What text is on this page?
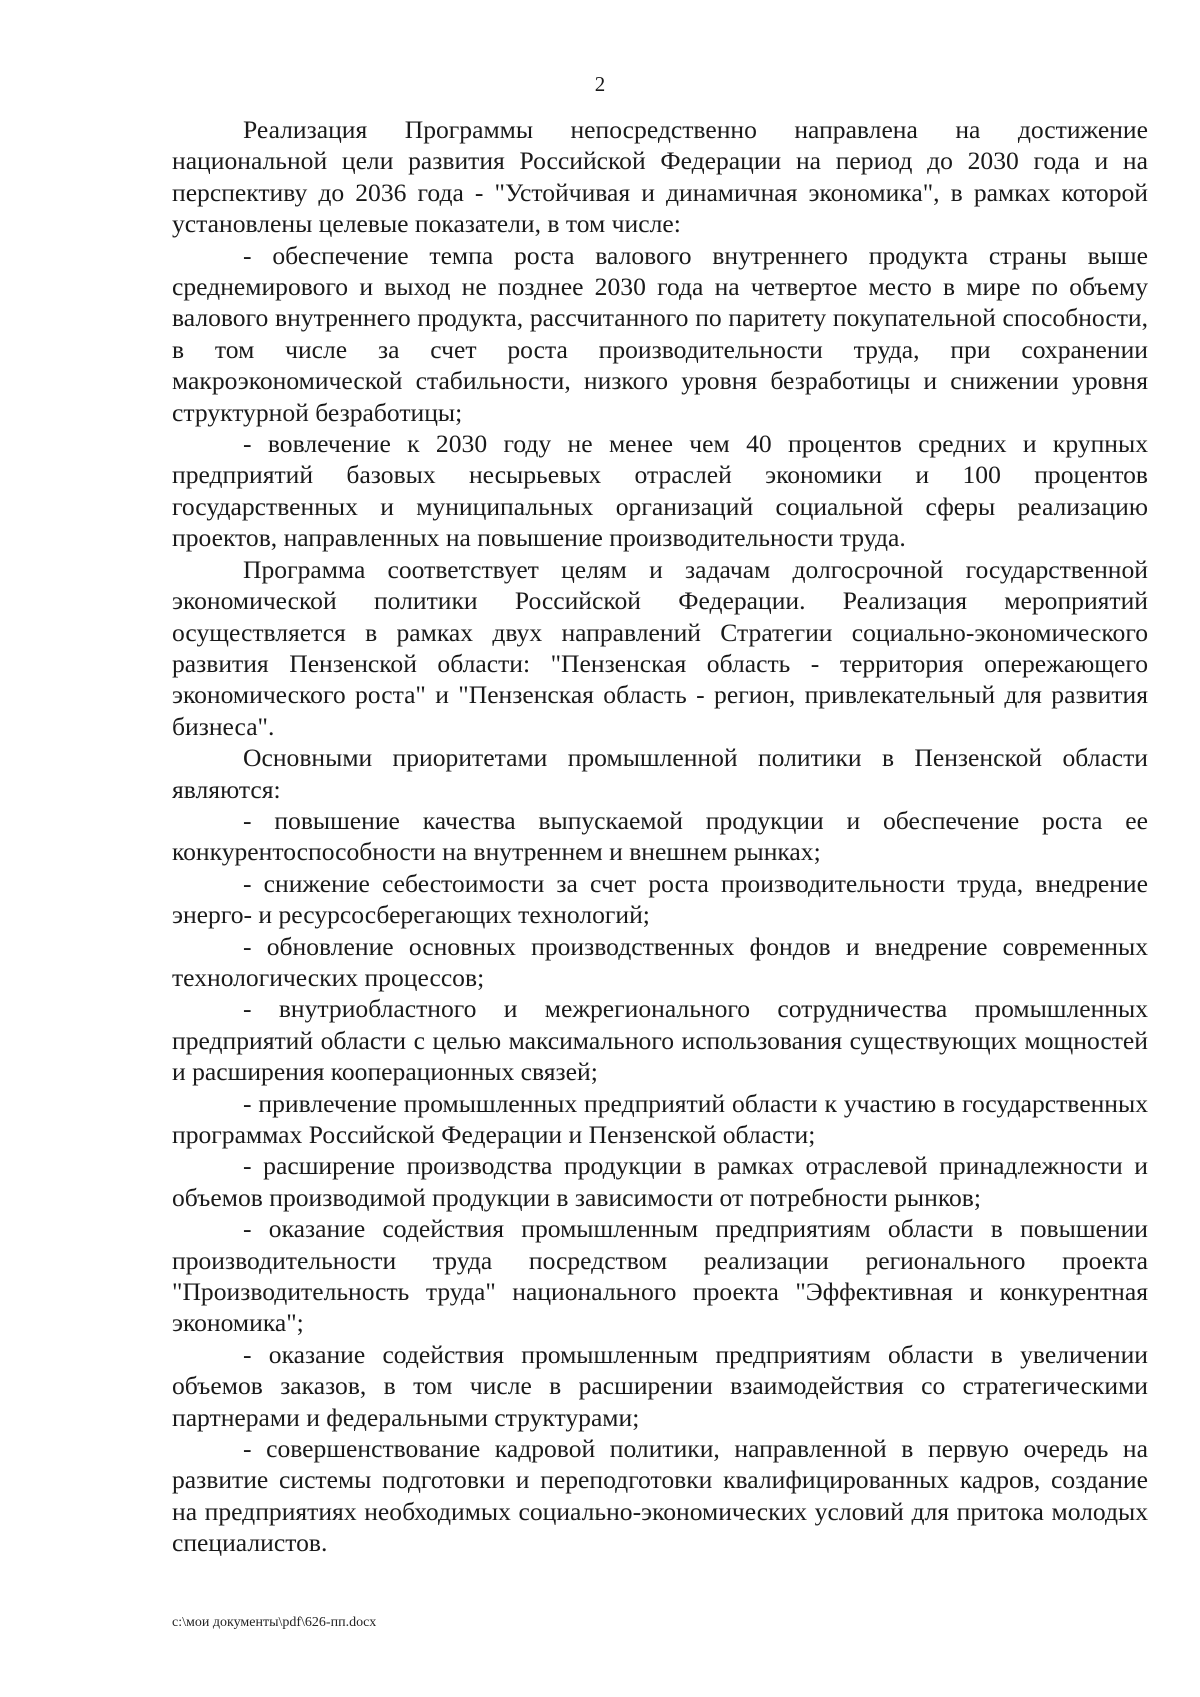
2

Реализация Программы непосредственно направлена на достижение национальной цели развития Российской Федерации на период до 2030 года и на перспективу до 2036 года - "Устойчивая и динамичная экономика", в рамках которой установлены целевые показатели, в том числе:

- обеспечение темпа роста валового внутреннего продукта страны выше среднемирового и выход не позднее 2030 года на четвертое место в мире по объему валового внутреннего продукта, рассчитанного по паритету покупательной способности, в том числе за счет роста производительности труда, при сохранении макроэкономической стабильности, низкого уровня безработицы и снижении уровня структурной безработицы;

- вовлечение к 2030 году не менее чем 40 процентов средних и крупных предприятий базовых несырьевых отраслей экономики и 100 процентов государственных и муниципальных организаций социальной сферы реализацию проектов, направленных на повышение производительности труда.

Программа соответствует целям и задачам долгосрочной государственной экономической политики Российской Федерации. Реализация мероприятий осуществляется в рамках двух направлений Стратегии социально-экономического развития Пензенской области: "Пензенская область - территория опережающего экономического роста" и "Пензенская область - регион, привлекательный для развития бизнеса".

Основными приоритетами промышленной политики в Пензенской области являются:

- повышение качества выпускаемой продукции и обеспечение роста ее конкурентоспособности на внутреннем и внешнем рынках;

- снижение себестоимости за счет роста производительности труда, внедрение энерго- и ресурсосберегающих технологий;

- обновление основных производственных фондов и внедрение современных технологических процессов;

- внутриобластного и межрегионального сотрудничества промышленных предприятий области с целью максимального использования существующих мощностей и расширения кооперационных связей;

- привлечение промышленных предприятий области к участию в государственных программах Российской Федерации и Пензенской области;

- расширение производства продукции в рамках отраслевой принадлежности и объемов производимой продукции в зависимости от потребности рынков;

- оказание содействия промышленным предприятиям области в повышении производительности труда посредством реализации регионального проекта "Производительность труда" национального проекта "Эффективная и конкурентная экономика";

- оказание содействия промышленным предприятиям области в увеличении объемов заказов, в том числе в расширении взаимодействия со стратегическими партнерами и федеральными структурами;

- совершенствование кадровой политики, направленной в первую очередь на развитие системы подготовки и переподготовки квалифицированных кадров, создание на предприятиях необходимых социально-экономических условий для притока молодых специалистов.

c:\мои документы\pdf\626-пп.docx
